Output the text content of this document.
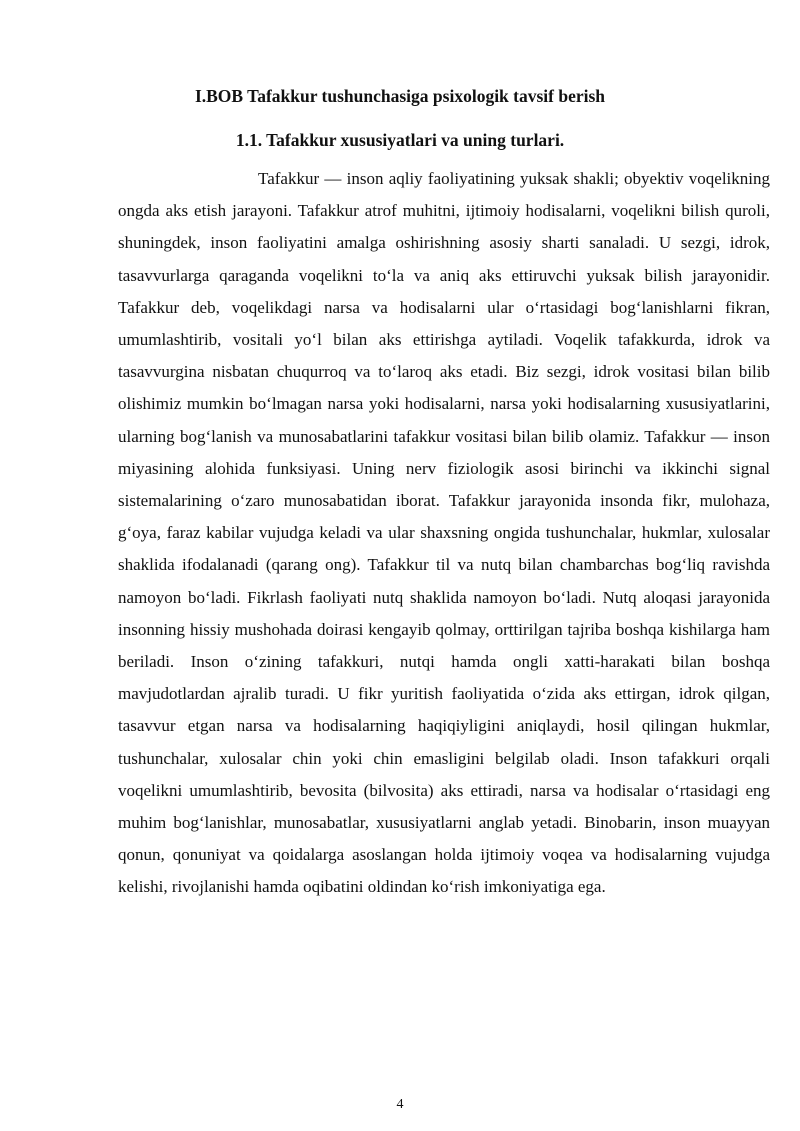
I.BOB Tafakkur tushunchasiga psixologik tavsif berish
1.1. Tafakkur xususiyatlari va uning turlari.

Tafakkur — inson aqliy faoliyatining yuksak shakli; obyektiv voqelikning ongda aks etish jarayoni. Tafakkur atrof muhitni, ijtimoiy hodisalarni, voqelikni bilish quroli, shuningdek, inson faoliyatini amalga oshirishning asosiy sharti sanaladi. U sezgi, idrok, tasavvurlarga qaraganda voqelikni to‘la va aniq aks ettiruvchi yuksak bilish jarayonidir. Tafakkur deb, voqelikdagi narsa va hodisalarni ular o‘rtasidagi bog‘lanishlarni fikran, umumlashtirib, vositali yo‘l bilan aks ettirishga aytiladi. Voqelik tafakkurda, idrok va tasavvurgina nisbatan chuqurroq va to‘laroq aks etadi. Biz sezgi, idrok vositasi bilan bilib olishimiz mumkin bo‘lmagan narsa yoki hodisalarni, narsa yoki hodisalarning xususiyatlarini, ularning bog‘lanish va munosabatlarini tafakkur vositasi bilan bilib olamiz. Tafakkur — inson miyasining alohida funksiyasi. Uning nerv fiziologik asosi birinchi va ikkinchi signal sistemalarining o‘zaro munosabatidan iborat. Tafakkur jarayonida insonda fikr, mulohaza, g‘oya, faraz kabilar vujudga keladi va ular shaxsning ongida tushunchalar, hukmlar, xulosalar shaklida ifodalanadi (qarang ong). Tafakkur til va nutq bilan chambarchas bog‘liq ravishda namoyon bo‘ladi. Fikrlash faoliyati nutq shaklida namoyon bo‘ladi. Nutq aloqasi jarayonida insonning hissiy mushohada doirasi kengayib qolmay, orttirilgan tajriba boshqa kishilarga ham beriladi. Inson o‘zining tafakkuri, nutqi hamda ongli xatti-harakati bilan boshqa mavjudotlardan ajralib turadi. U fikr yuritish faoliyatida o‘zida aks ettirgan, idrok qilgan, tasavvur etgan narsa va hodisalarning haqiqiyligini aniqlaydi, hosil qilingan hukmlar, tushunchalar, xulosalar chin yoki chin emasligini belgilab oladi. Inson tafakkuri orqali voqelikni umumlashtirib, bevosita (bilvosita) aks ettiradi, narsa va hodisalar o‘rtasidagi eng muhim bog‘lanishlar, munosabatlar, xususiyatlarni anglab yetadi. Binobarin, inson muayyan qonun, qonuniyat va qoidalarga asoslangan holda ijtimoiy voqea va hodisalarning vujudga kelishi, rivojlanishi hamda oqibatini oldindan ko‘rish imkoniyatiga ega.

4
